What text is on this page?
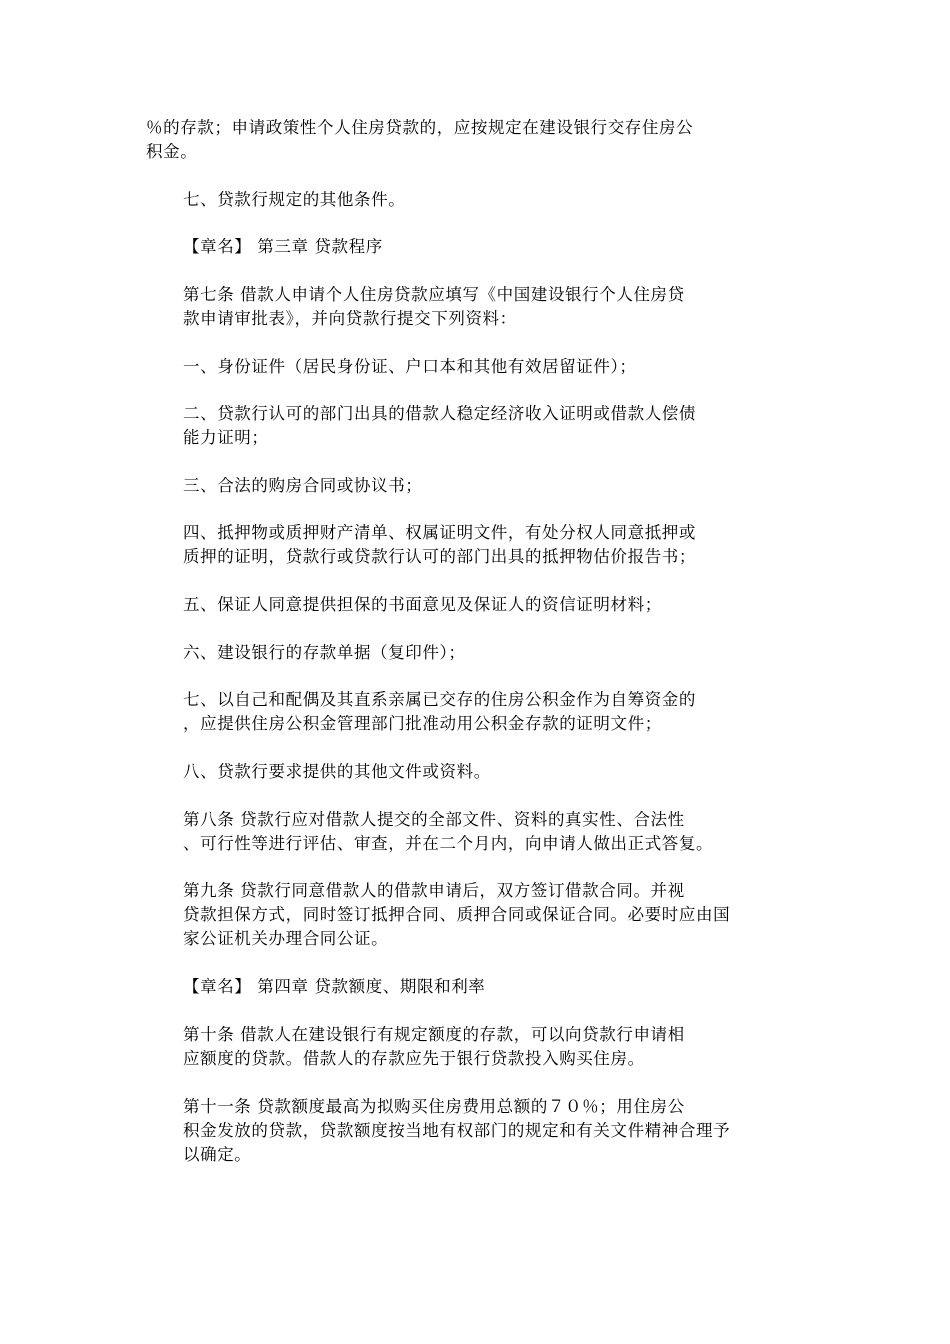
％的存款；申请政策性个人住房贷款的，应按规定在建设银行交存住房公
积金。

七、贷款行规定的其他条件。

【章名】 第三章 贷款程序

第七条 借款人申请个人住房贷款应填写《中国建设银行个人住房贷
款申请审批表》，并向贷款行提交下列资料：

一、身份证件（居民身份证、户口本和其他有效居留证件）；

二、贷款行认可的部门出具的借款人稳定经济收入证明或借款人偿债
能力证明；

三、合法的购房合同或协议书；

四、抵押物或质押财产清单、权属证明文件，有处分权人同意抵押或
质押的证明，贷款行或贷款行认可的部门出具的抵押物估价报告书；

五、保证人同意提供担保的书面意见及保证人的资信证明材料；

六、建设银行的存款单据（复印件）；

七、以自己和配偶及其直系亲属已交存的住房公积金作为自筹资金的
，应提供住房公积金管理部门批准动用公积金存款的证明文件；

八、贷款行要求提供的其他文件或资料。

第八条 贷款行应对借款人提交的全部文件、资料的真实性、合法性
、可行性等进行评估、审查，并在二个月内，向申请人做出正式答复。

第九条 贷款行同意借款人的借款申请后，双方签订借款合同。并视
贷款担保方式，同时签订抵押合同、质押合同或保证合同。必要时应由国
家公证机关办理合同公证。

【章名】 第四章 贷款额度、期限和利率

第十条 借款人在建设银行有规定额度的存款，可以向贷款行申请相
应额度的贷款。借款人的存款应先于银行贷款投入购买住房。

第十一条 贷款额度最高为拟购买住房费用总额的７０％；用住房公
积金发放的贷款，贷款额度按当地有权部门的规定和有关文件精神合理予
以确定。
